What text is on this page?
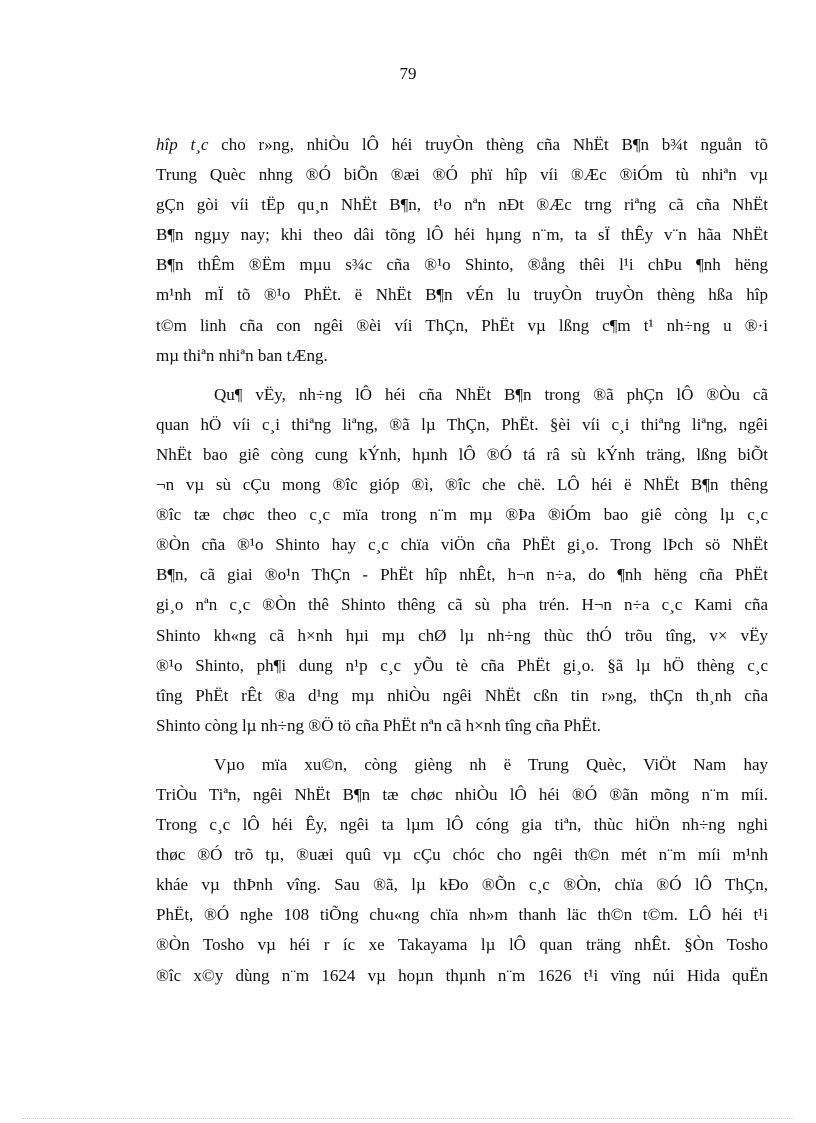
79

hîp t¸c cho r»ng, nhiÒu lÔ héi truyÒn thèng cña NhËt B¶n b¾t nguån tõ
Trung Quèc nhng ®Ó biÕn ®æi ®Ó phï hîp víi ®Æc ®iÓm tù nhiªn vµ
gÇn gòi víi tËp qu¸n NhËt B¶n, t¹o nªn nÐt ®Æc trng riªng cã cña NhËt
B¶n ngµy nay; khi theo dâi tõng lÔ héi hµng n¨m, ta sÏ thÊy v¨n hãa NhËt
B¶n thÊm ®Ëm mµu s¾c cña ®¹o Shinto, ®ång thêi l¹i chÞu ¶nh hëng
m¹nh mÏ tõ ®¹o PhËt. ë NhËt B¶n vÉn lu truyÒn truyÒn thèng hßa hîp
t©m linh cña con ngêi ®èi víi ThÇn, PhËt vµ lßng c¶m t¹ nh÷ng u ®·i
mµ thiªn nhiªn ban tÆng.

Qu¶ vËy, nh÷ng lÔ héi cña NhËt B¶n trong ®ã phÇn lÔ ®Òu cã
quan hÖ víi c¸i thiªng liªng, ®ã lµ ThÇn, PhËt. §èi víi c¸i thiªng liªng, ngêi
NhËt bao giê còng cung kÝnh, hµnh lÔ ®Ó tá râ sù kÝnh träng, lßng biÕt
¬n vµ sù cÇu mong ®îc gióp ®ì, ®îc che chë. LÔ héi ë NhËt B¶n thêng
®îc tæ chøc theo c¸c mïa trong n¨m mµ ®Þa ®iÓm bao giê còng lµ c¸c
®Òn cña ®¹o Shinto hay c¸c chïa viÖn cña PhËt gi¸o. Trong lÞch sö NhËt
B¶n, cã giai ®o¹n ThÇn - PhËt hîp nhÊt, h¬n n÷a, do ¶nh hëng cña PhËt
gi¸o nªn c¸c ®Òn thê Shinto thêng cã sù pha trén. H¬n n÷a c¸c Kami cña
Shinto kh«ng cã h×nh hµi mµ chØ lµ nh÷ng thùc thÓ trõu tîng, v× vËy
®¹o Shinto, ph¶i dung n¹p c¸c yÕu tè cña PhËt gi¸o. §ã lµ hÖ thèng c¸c
tîng PhËt rÊt ®a d¹ng mµ nhiÒu ngêi NhËt cßn tin r»ng, thÇn th¸nh cña
Shinto còng lµ nh÷ng ®Ö tö cña PhËt nªn cã h×nh tîng cña PhËt.

Vµo mïa xu©n, còng gièng nh ë Trung Quèc, ViÖt Nam hay
TriÒu Tiªn, ngêi NhËt B¶n tæ chøc nhiÒu lÔ héi ®Ó ®ãn mõng n¨m míi.
Trong c¸c lÔ héi Êy, ngêi ta lµm lÔ cóng gia tiªn, thùc hiÖn nh÷ng nghi
thøc ®Ó trõ tµ, ®uæi quû vµ cÇu chóc cho ngêi th©n mét n¨m míi m¹nh
kháe vµ thÞnh vîng. Sau ®ã, lµ kÐo ®Õn c¸c ®Òn, chïa ®Ó lÔ ThÇn,
PhËt, ®Ó nghe 108 tiÕng chu«ng chïa nh»m thanh läc th©n t©m. LÔ héi t¹i
®Òn Tosho vµ héi r íc xe Takayama lµ lÔ quan träng nhÊt. §Òn Tosho
®îc x©y dùng n¨m 1624 vµ hoµn thµnh n¨m 1626 t¹i vïng núi Hida quËn
